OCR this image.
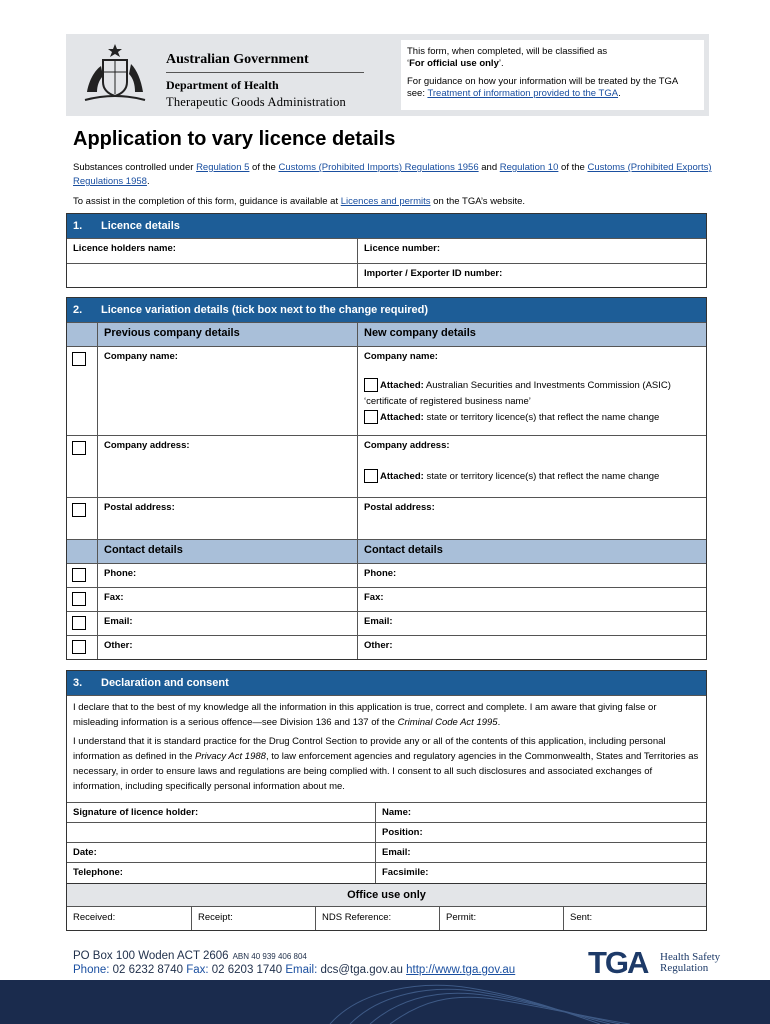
Australian Government
Department of Health
Therapeutic Goods Administration

This form, when completed, will be classified as
‘For official use only’.

For guidance on how your information will be treated by the TGA see: Treatment of information provided to the TGA.

Application to vary licence details
Substances controlled under Regulation 5 of the Customs (Prohibited Imports) Regulations 1956 and Regulation 10 of the Customs (Prohibited Exports) Regulations 1958.
To assist in the completion of this form, guidance is available at Licences and permits on the TGA’s website.
1.	Licence details
Licence holders name:	Licence number:
Importer / Exporter ID number:
2.	Licence variation details (tick box next to the change required)
Previous company details	New company details
Company name:	Company name:
Attached: Australian Securities and Investments Commission (ASIC)
‘certificate of registered business name’
Attached: state or territory licence(s) that reflect the name change
Company address:	Company address:
Attached: state or territory licence(s) that reflect the name change
Postal address:	Postal address:
Contact details	Contact details
Phone:	Phone:
Fax:	Fax:
Email:	Email:
Other:	Other:
3.	Declaration and consent

I declare that to the best of my knowledge all the information in this application is true, correct and complete. I am aware that giving false or misleading information is a serious offence—see Division 136 and 137 of the Criminal Code Act 1995.

I understand that it is standard practice for the Drug Control Section to provide any or all of the contents of this application, including personal information as defined in the Privacy Act 1988, to law enforcement agencies and regulatory agencies in the Commonwealth, States and Territories as necessary, in order to ensure laws and regulations are being complied with. I consent to all such disclosures and associated exchanges of information, including specifically personal information about me.

Signature of licence holder:	Name:
Position:
Date:	Email:
Telephone:	Facsimile:
Office use only
Received:	Receipt:	NDS Reference:	Permit:	Sent:
PO Box 100 Woden ACT 2606 ABN 40 939 406 804
Phone: 02 6232 8740 Fax: 02 6203 1740 Email: dcs@tga.gov.au http://www.tga.gov.au TGA Health Safety
Regulation
